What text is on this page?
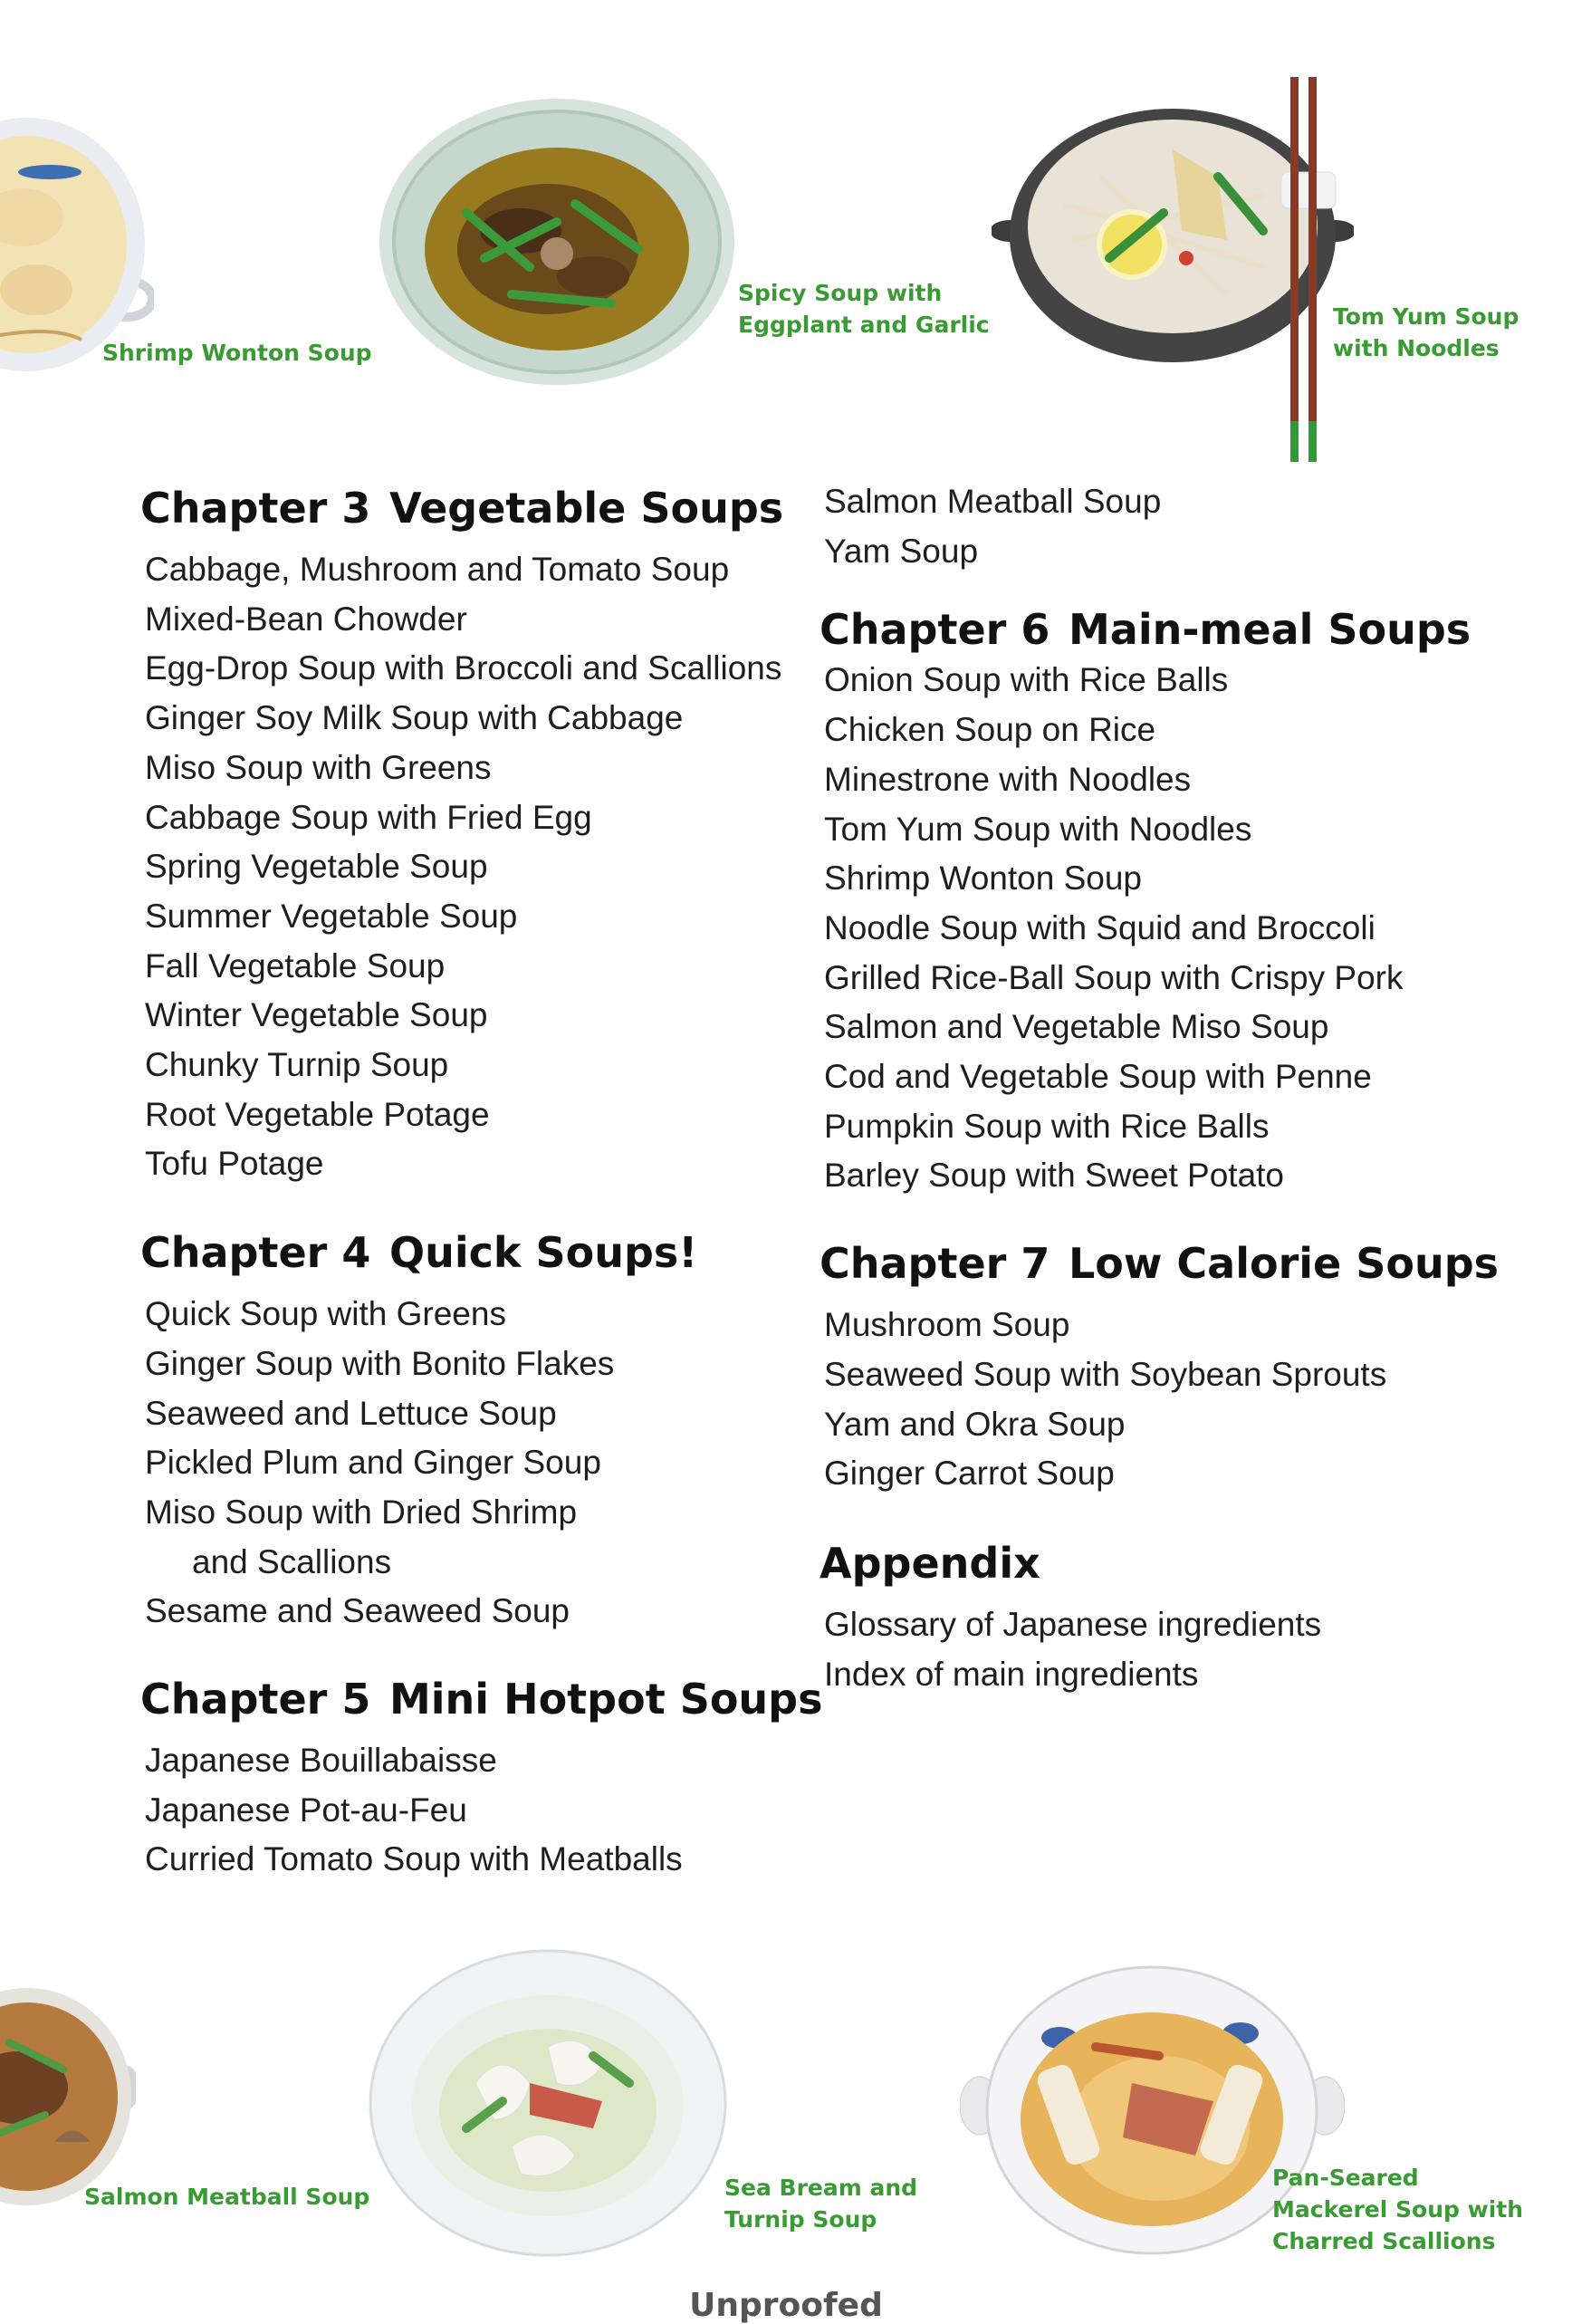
Shrimp Wonton Soup
Spicy Soup with
Eggplant and Garlic	Tom Yum Soup
with Noodles
Chapter 3 Vegetable Soups
Cabbage, Mushroom and Tomato Soup
Mixed-Bean Chowder
Egg-Drop Soup with Broccoli and Scallions
Ginger Soy Milk Soup with Cabbage
Miso Soup with Greens
Cabbage Soup with Fried Egg
Spring Vegetable Soup
Summer Vegetable Soup
Fall Vegetable Soup
Winter Vegetable Soup
Chunky Turnip Soup
Root Vegetable Potage
Tofu Potage
Chapter 4 Quick Soups!
Quick Soup with Greens
Ginger Soup with Bonito Flakes
Seaweed and Lettuce Soup
Pickled Plum and Ginger Soup
Miso Soup with Dried Shrimp
and Scallions
Sesame and Seaweed Soup
Chapter 5 Mini Hotpot Soups
Japanese Bouillabaisse
Japanese Pot-au-Feu
Curried Tomato Soup with Meatballs
Salmon Meatball Soup
Yam Soup
Chapter 6 Main-meal Soups
Onion Soup with Rice Balls
Chicken Soup on Rice
Minestrone with Noodles
Tom Yum Soup with Noodles
Shrimp Wonton Soup
Noodle Soup with Squid and Broccoli
Grilled Rice-Ball Soup with Crispy Pork
Salmon and Vegetable Miso Soup
Cod and Vegetable Soup with Penne
Pumpkin Soup with Rice Balls
Barley Soup with Sweet Potato
Chapter 7 Low Calorie Soups
Mushroom Soup
Seaweed Soup with Soybean Sprouts
Yam and Okra Soup
Ginger Carrot Soup
Appendix
Glossary of Japanese ingredients
Index of main ingredients
Salmon Meatball Soup	Sea Bream and
Turnip Soup
Pan-Seared
Mackerel Soup with
Charred Scallions
Unproofed
